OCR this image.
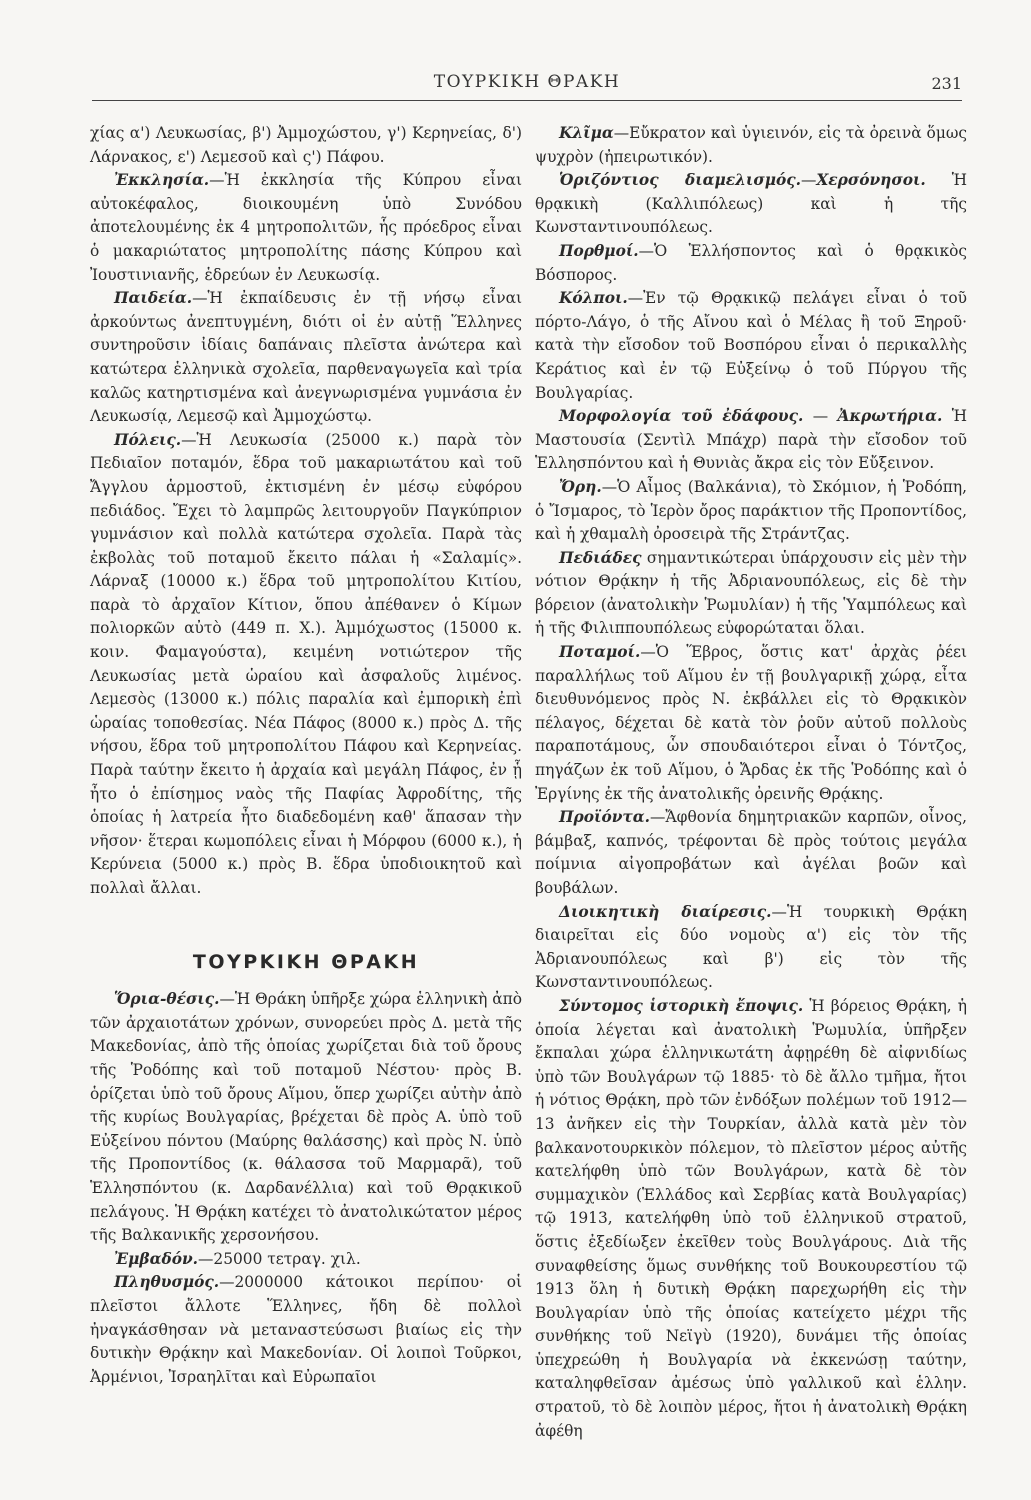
ΤΟΥΡΚΙΚΗ ΘΡΑΚΗ	231

χίας α') Λευκωσίας, β') Ἀμμοχώστου, γ') Κερηνείας, δ') Λάρνακος, ε') Λεμεσοῦ καὶ ς') Πάφου.

Ἐκκλησία.—Ἡ ἐκκλησία τῆς Κύπρου εἶναι αὐτοκέφαλος, διοικουμένη ὑπὸ Συνόδου ἀποτελουμένης ἐκ 4 μητροπολιτῶν, ἧς πρόεδρος εἶναι ὁ μακαριώτατος μητροπολίτης πάσης Κύπρου καὶ Ἰουστινιανῆς, ἑδρεύων ἐν Λευκωσίᾳ.

Παιδεία.—Ἡ ἐκπαίδευσις ἐν τῇ νήσῳ εἶναι ἀρκούντως ἀνεπτυγμένη, διότι οἱ ἐν αὐτῇ Ἕλληνες συντηροῦσιν ἰδίαις δαπάναις πλεῖστα ἀνώτερα καὶ κατώτερα ἑλληνικὰ σχολεῖα, παρθεναγωγεῖα καὶ τρία καλῶς κατηρτισμένα καὶ ἀνεγνωρισμένα γυμνάσια ἐν Λευκωσίᾳ, Λεμεσῷ καὶ Ἀμμοχώστῳ.

Πόλεις.—Ἡ Λευκωσία (25000 κ.) παρὰ τὸν Πεδιαῖον ποταμόν, ἕδρα τοῦ μακαριωτάτου καὶ τοῦ Ἄγγλου ἁρμοστοῦ, ἐκτισμένη ἐν μέσῳ εὐφόρου πεδιάδος. Ἔχει τὸ λαμπρῶς λειτουργοῦν Παγκύπριον γυμνάσιον καὶ πολλὰ κατώτερα σχολεῖα. Παρὰ τὰς ἐκβολὰς τοῦ ποταμοῦ ἔκειτο πάλαι ἡ «Σαλαμίς». Λάρναξ (10000 κ.) ἕδρα τοῦ μητροπολίτου Κιτίου, παρὰ τὸ ἀρχαῖον Κίτιον, ὅπου ἀπέθανεν ὁ Κίμων πολιορκῶν αὐτὸ (449 π. Χ.). Ἀμμόχωστος (15000 κ. κοιν. Φαμαγούστα), κειμένη νοτιώτερον τῆς Λευκωσίας μετὰ ὡραίου καὶ ἀσφαλοῦς λιμένος. Λεμεσὸς (13000 κ.) πόλις παραλία καὶ ἐμπορικὴ ἐπὶ ὡραίας τοποθεσίας. Νέα Πάφος (8000 κ.) πρὸς Δ. τῆς νήσου, ἕδρα τοῦ μητροπολίτου Πάφου καὶ Κερηνείας. Παρὰ ταύτην ἔκειτο ἡ ἀρχαία καὶ μεγάλη Πάφος, ἐν ᾗ ἦτο ὁ ἐπίσημος ναὸς τῆς Παφίας Ἀφροδίτης, τῆς ὁποίας ἡ λατρεία ἦτο διαδεδομένη καθ' ἅπασαν τὴν νῆσον· ἕτεραι κωμοπόλεις εἶναι ἡ Μόρφου (6000 κ.), ἡ Κερύνεια (5000 κ.) πρὸς Β. ἕδρα ὑποδιοικητοῦ καὶ πολλαὶ ἄλλαι.

ΤΟΥΡΚΙΚΗ ΘΡΑΚΗ

Ὅρια-θέσις.—Ἡ Θράκη ὑπῆρξε χώρα ἑλληνικὴ ἀπὸ τῶν ἀρχαιοτάτων χρόνων, συνορεύει πρὸς Δ. μετὰ τῆς Μακεδονίας, ἀπὸ τῆς ὁποίας χωρίζεται διὰ τοῦ ὄρους τῆς Ῥοδόπης καὶ τοῦ ποταμοῦ Νέστου· πρὸς Β. ὁρίζεται ὑπὸ τοῦ ὄρους Αἵμου, ὅπερ χωρίζει αὐτὴν ἀπὸ τῆς κυρίως Βουλγαρίας, βρέχεται δὲ πρὸς Α. ὑπὸ τοῦ Εὐξείνου πόντου (Μαύρης θαλάσσης) καὶ πρὸς Ν. ὑπὸ τῆς Προποντίδος (κ. θάλασσα τοῦ Μαρμαρᾶ), τοῦ Ἑλλησπόντου (κ. Δαρδανέλλια) καὶ τοῦ Θρᾳκικοῦ πελάγους. Ἡ Θρᾴκη κατέχει τὸ ἀνατολικώτατον μέρος τῆς Βαλκανικῆς χερσονήσου.

Ἐμβαδόν.—25000 τετραγ. χιλ.

Πληθυσμός.—2000000 κάτοικοι περίπου· οἱ πλεῖστοι ἄλλοτε Ἕλληνες, ἤδη δὲ πολλοὶ ἠναγκάσθησαν νὰ μεταναστεύσωσι βιαίως εἰς τὴν δυτικὴν Θρᾴκην καὶ Μακεδονίαν. Οἱ λοιποὶ Τοῦρκοι, Ἀρμένιοι, Ἰσραηλῖται καὶ Εὐρωπαῖοι

Κλῖμα—Εὔκρατον καὶ ὑγιεινόν, εἰς τὰ ὀρεινὰ ὅμως ψυχρὸν (ἠπειρωτικόν).

Ὁριζόντιος διαμελισμός.—Χερσόνησοι. Ἡ θρᾳκικὴ (Καλλιπόλεως) καὶ ἡ τῆς Κωνσταντινουπόλεως.

Πορθμοί.—Ὁ Ἑλλήσποντος καὶ ὁ θρᾳκικὸς Βόσπορος.

Κόλποι.—Ἐν τῷ Θρᾳκικῷ πελάγει εἶναι ὁ τοῦ πόρτο-Λάγο, ὁ τῆς Αἴνου καὶ ὁ Μέλας ἢ τοῦ Ξηροῦ· κατὰ τὴν εἴσοδον τοῦ Βοσπόρου εἶναι ὁ περικαλλὴς Κεράτιος καὶ ἐν τῷ Εὐξείνῳ ὁ τοῦ Πύργου τῆς Βουλγαρίας.

Μορφολογία τοῦ ἐδάφους. — Ἀκρωτήρια. Ἡ Μαστουσία (Σεντὶλ Μπάχρ) παρὰ τὴν εἴσοδον τοῦ Ἑλλησπόντου καὶ ἡ Θυνιὰς ἄκρα εἰς τὸν Εὔξεινον.

Ὄρη.—Ὁ Αἶμος (Βαλκάνια), τὸ Σκόμιον, ἡ Ῥοδόπη, ὁ Ἴσμαρος, τὸ Ἱερὸν ὄρος παράκτιον τῆς Προποντίδος, καὶ ἡ χθαμαλὴ ὀροσειρὰ τῆς Στράντζας.

Πεδιάδες σημαντικώτεραι ὑπάρχουσιν εἰς μὲν τὴν νότιον Θρᾴκην ἡ τῆς Ἀδριανουπόλεως, εἰς δὲ τὴν βόρειον (ἀνατολικὴν Ῥωμυλίαν) ἡ τῆς Ὑαμπόλεως καὶ ἡ τῆς Φιλιππουπόλεως εὐφορώταται ὅλαι.

Ποταμοί.—Ὁ Ἕβρος, ὅστις κατ' ἀρχὰς ῥέει παραλλήλως τοῦ Αἵμου ἐν τῇ βουλγαρικῇ χώρᾳ, εἶτα διευθυνόμενος πρὸς Ν. ἐκβάλλει εἰς τὸ Θρᾳκικὸν πέλαγος, δέχεται δὲ κατὰ τὸν ῥοῦν αὐτοῦ πολλοὺς παραποτάμους, ὧν σπουδαιότεροι εἶναι ὁ Τόντζος, πηγάζων ἐκ τοῦ Αἵμου, ὁ Ἄρδας ἐκ τῆς Ῥοδόπης καὶ ὁ Ἐργίνης ἐκ τῆς ἀνατολικῆς ὀρεινῆς Θρᾴκης.

Προϊόντα.—Ἄφθονία δημητριακῶν καρπῶν, οἶνος, βάμβαξ, καπνός, τρέφονται δὲ πρὸς τούτοις μεγάλα ποίμνια αἰγοπροβάτων καὶ ἀγέλαι βοῶν καὶ βουβάλων.

Διοικητικὴ διαίρεσις.—Ἡ τουρκικὴ Θρᾴκη διαιρεῖται εἰς δύο νομοὺς α') εἰς τὸν τῆς Ἀδριανουπόλεως καὶ β') εἰς τὸν τῆς Κωνσταντινουπόλεως.

Σύντομος ἱστορικὴ ἔποψις. Ἡ βόρειος Θρᾴκη, ἡ ὁποία λέγεται καὶ ἀνατολικὴ Ῥωμυλία, ὑπῆρξεν ἔκπαλαι χώρα ἑλληνικωτάτη ἀφῃρέθη δὲ αἰφνιδίως ὑπὸ τῶν Βουλγάρων τῷ 1885· τὸ δὲ ἄλλο τμῆμα, ἤτοι ἡ νότιος Θρᾴκη, πρὸ τῶν ἐνδόξων πολέμων τοῦ 1912—13 ἀνῆκεν εἰς τὴν Τουρκίαν, ἀλλὰ κατὰ μὲν τὸν βαλκανοτουρκικὸν πόλεμον, τὸ πλεῖστον μέρος αὐτῆς κατελήφθη ὑπὸ τῶν Βουλγάρων, κατὰ δὲ τὸν συμμαχικὸν (Ἑλλάδος καὶ Σερβίας κατὰ Βουλγαρίας) τῷ 1913, κατελήφθη ὑπὸ τοῦ ἑλληνικοῦ στρατοῦ, ὅστις ἐξεδίωξεν ἐκεῖθεν τοὺς Βουλγάρους. Διὰ τῆς συναφθείσης ὅμως συνθήκης τοῦ Βουκουρεστίου τῷ 1913 ὅλη ἡ δυτικὴ Θρᾴκη παρεχωρήθη εἰς τὴν Βουλγαρίαν ὑπὸ τῆς ὁποίας κατείχετο μέχρι τῆς συνθήκης τοῦ Νεϊγὺ (1920), δυνάμει τῆς ὁποίας ὑπεχρεώθη ἡ Βουλγαρία νὰ ἐκκενώσῃ ταύτην, καταληφθεῖσαν ἀμέσως ὑπὸ γαλλικοῦ καὶ ἑλλην. στρατοῦ, τὸ δὲ λοιπὸν μέρος, ἤτοι ἡ ἀνατολικὴ Θρᾴκη ἀφέθη
